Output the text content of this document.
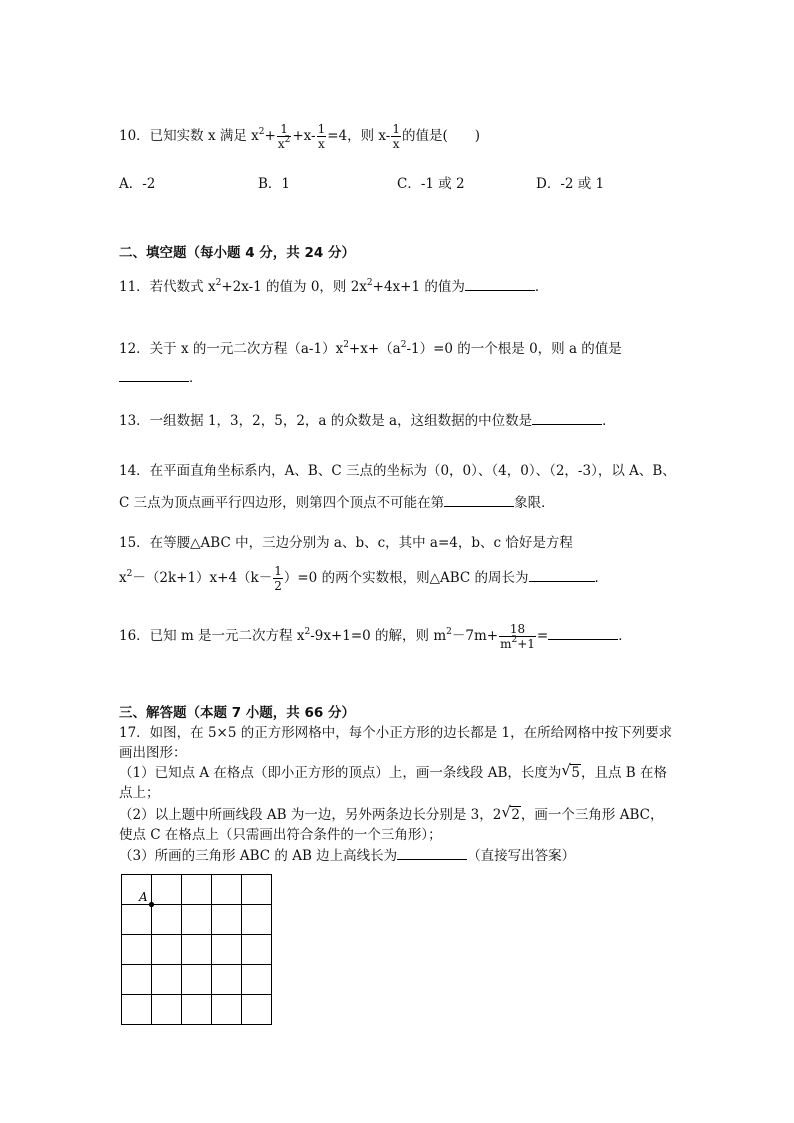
10．已知实数 x 满足 $x^2+ \frac{1}{x^2} +x- \frac{1}{x} =4$，则 $x- \frac{1}{x}$ 的值是(　　)
A．-2	B．1	C．-1 或 2	D．-2 或 1
二、填空题（每小题 4 分，共 24 分）
11．若代数式 $x^2+2x-1$ 的值为 0，则 $2x^2+4x+1$ 的值为	．
12．关于 x 的一元二次方程$(a-1)x^2+x+(a^2-1)=0$ 的一个根是 0，则 a 的值是
．
13．一组数据 1，3，2，5，2，a 的众数是 a，这组数据的中位数是	．
14．在平面直角坐标系内，A、B、C 三点的坐标为（0，0）、（4，0）、（2，-3），以 A、B、
C 三点为顶点画平行四边形，则第四个顶点不可能在第	象限．
15．在等腰△ABC 中，三边分别为 a、b、c，其中 a=4，b、c 恰好是方程
$x^2-(2k+1)x+4(k- \frac{1}{2} )=0$ 的两个实数根，则△ABC 的周长为	．
16．已知 m 是一元二次方程 $x^2-9x+1=0$ 的解，则 $m^2-7m+ \frac{18}{m^2+1}$ =	．
三、解答题（本题 7 小题，共 66 分）
17．如图，在 5×5 的正方形网格中，每个小正方形的边长都是 1，在所给网格中按下列要求
画出图形：
（1）已知点 A 在格点（即小正方形的顶点）上，画一条线段 AB，长度为 √ 5，且点 B 在格
点上；
（2）以上题中所画线段 AB 为一边，另外两条边长分别是 3，2 √ 2，画一个三角形 ABC，
使点 C 在格点上（只需画出符合条件的一个三角形）；
（3）所画的三角形 ABC 的 AB 边上高线长为	（直接写出答案）
A
